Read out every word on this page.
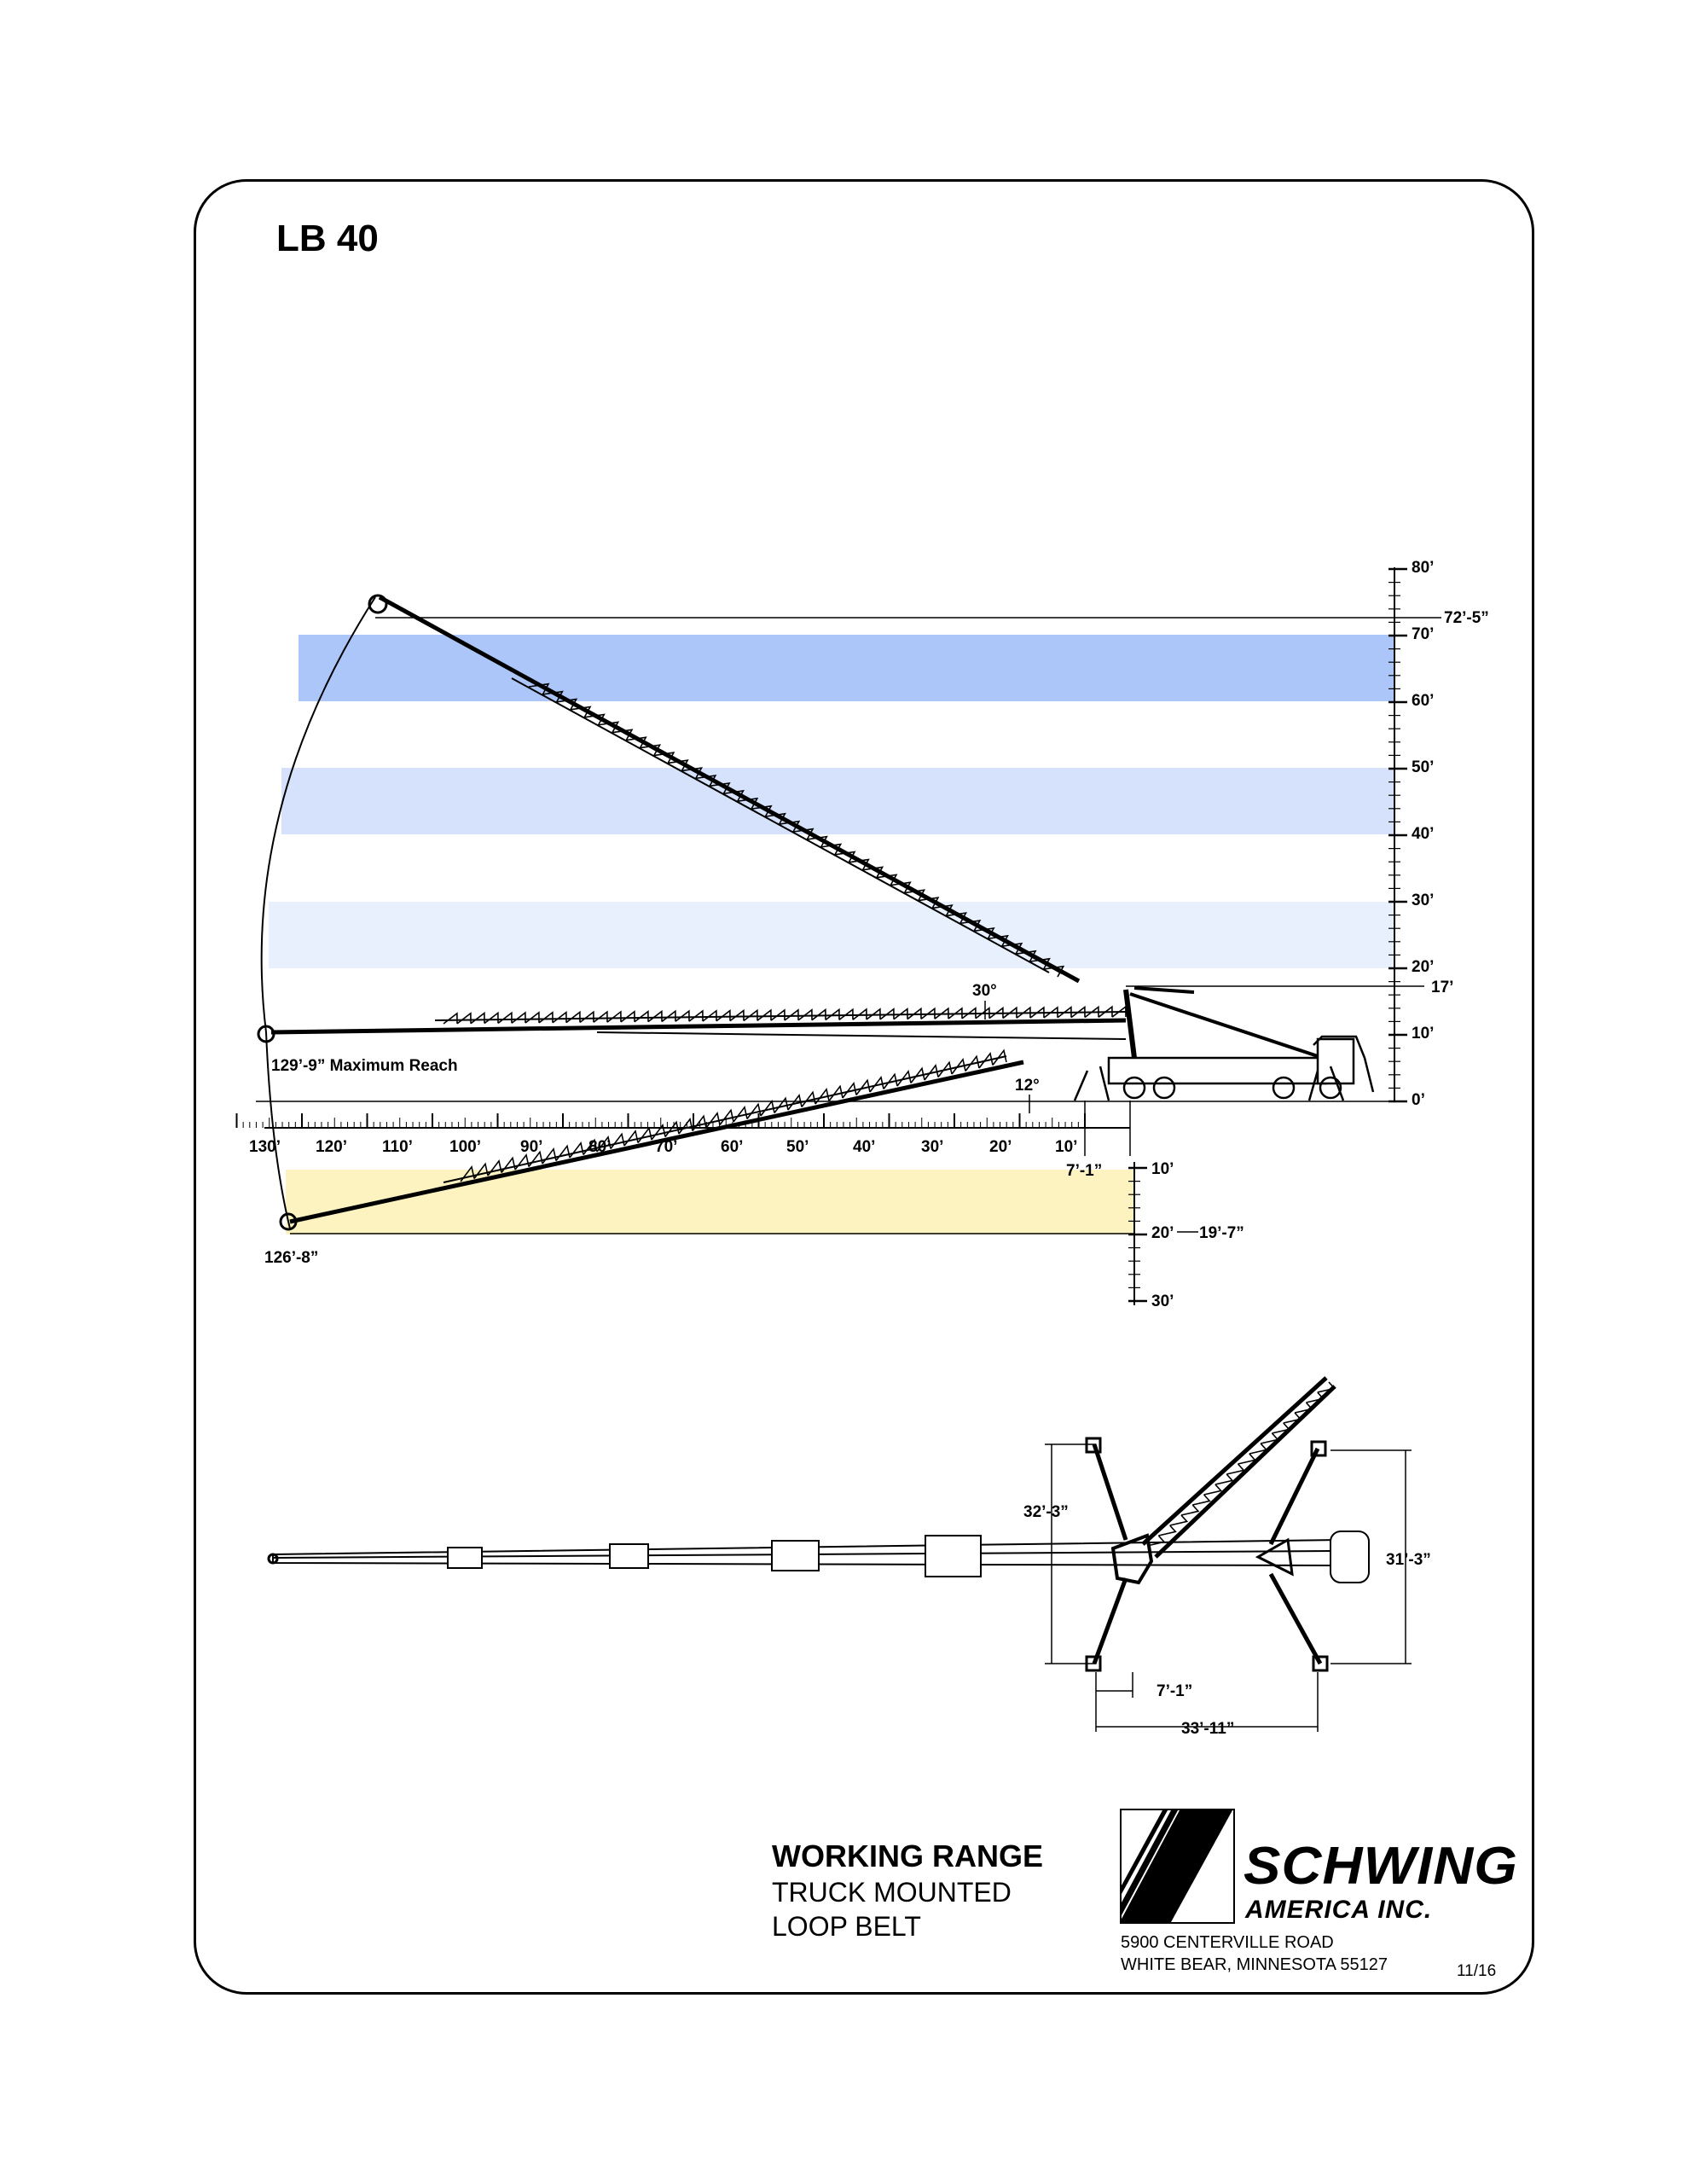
LB 40
80’
70’
60’
50’
40’
30’
20’
10’
0’
72’-5”
17’
10’
20’
30’
19’-7”
130’ 120’ 110’ 100’ 90’	80’	70’	60’	50’	40’	30’	20’	10’
7’-1”
30°
129’-9” Maximum Reach
12°
126’-8”
32’-3”
31’-3”
7’-1”
33’-11”
WORKING RANGE
TRUCK MOUNTED
LOOP BELT
SCHWING
AMERICA INC.
5900 CENTERVILLE ROAD
WHITE BEAR, MINNESOTA 55127	11/16
